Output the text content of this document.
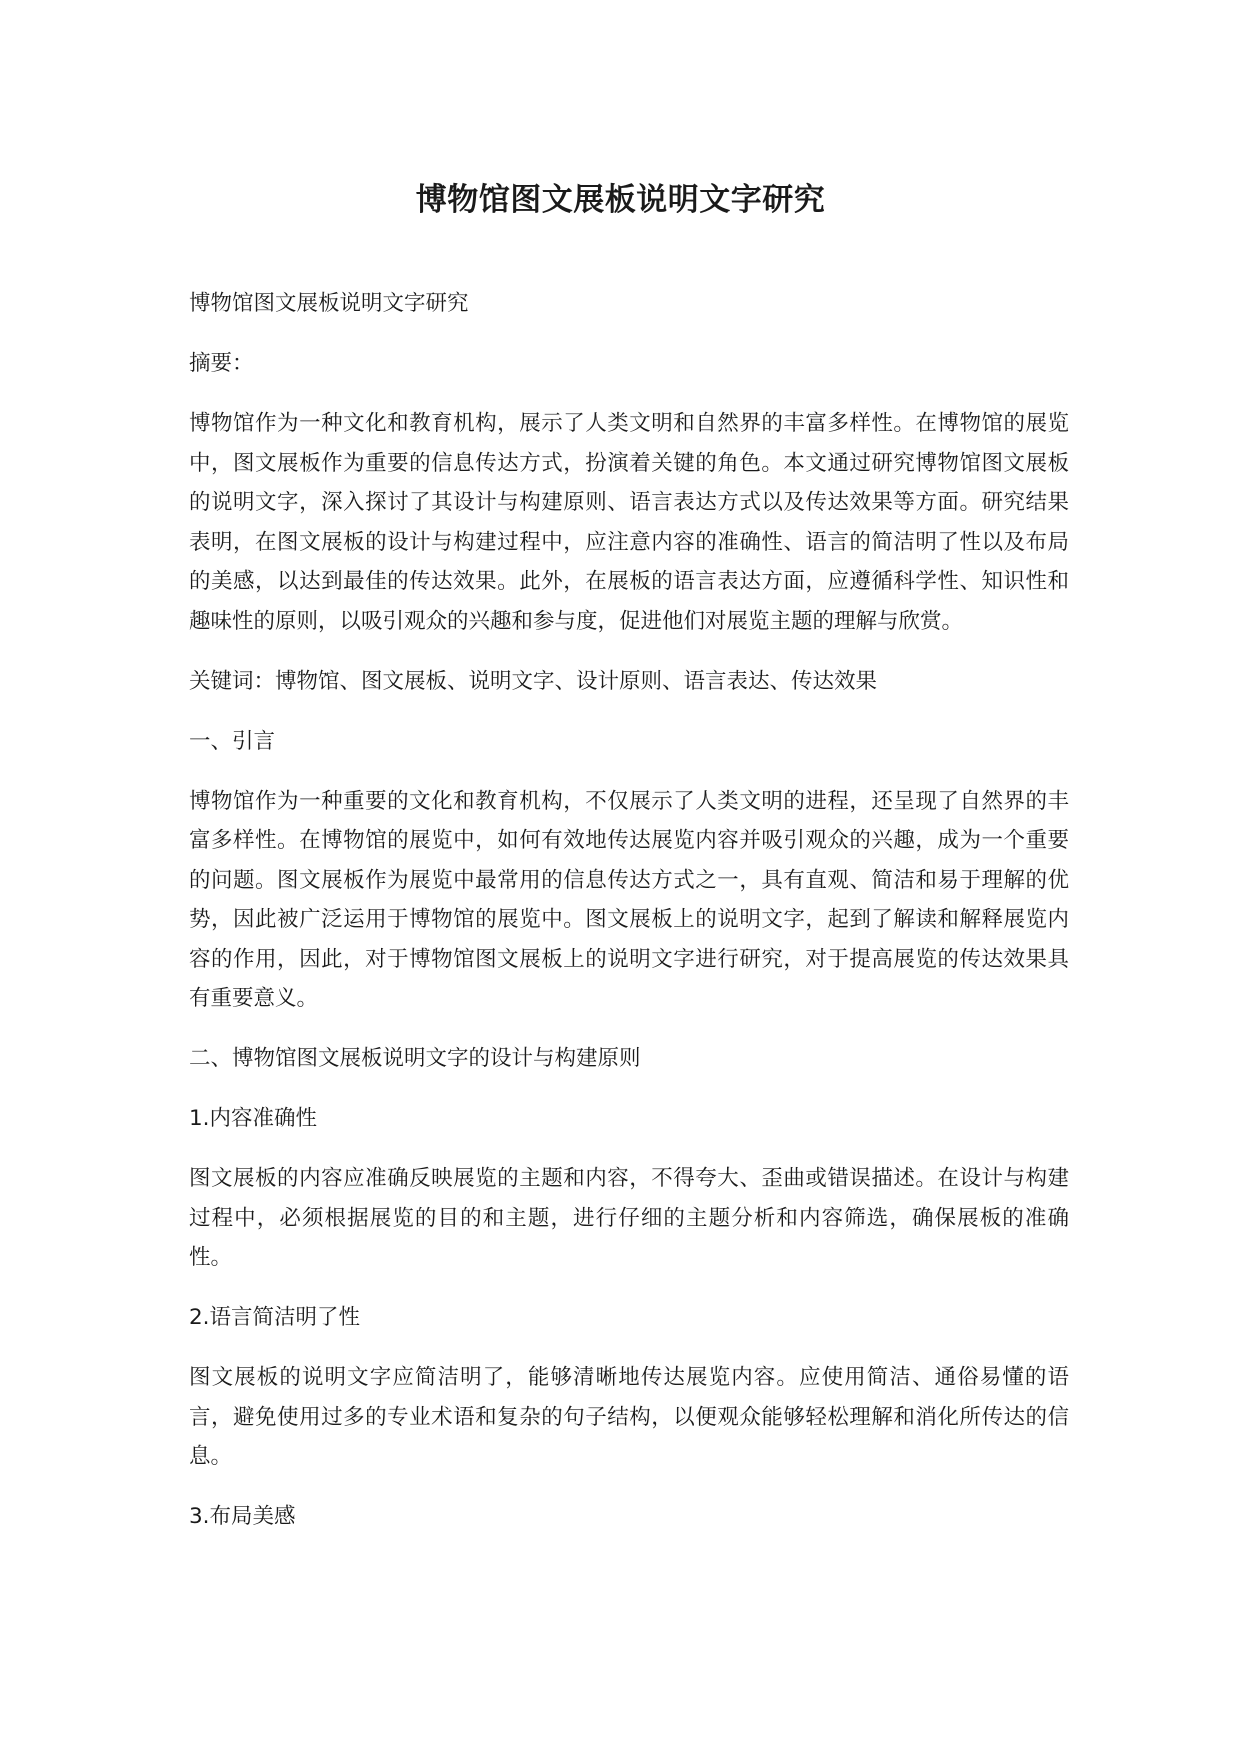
博物馆图文展板说明文字研究

博物馆图文展板说明文字研究

摘要：

博物馆作为一种文化和教育机构，展示了人类文明和自然界的丰富多样性。在博物馆的展览中，图文展板作为重要的信息传达方式，扮演着关键的角色。本文通过研究博物馆图文展板的说明文字，深入探讨了其设计与构建原则、语言表达方式以及传达效果等方面。研究结果表明，在图文展板的设计与构建过程中，应注意内容的准确性、语言的简洁明了性以及布局的美感，以达到最佳的传达效果。此外，在展板的语言表达方面，应遵循科学性、知识性和趣味性的原则，以吸引观众的兴趣和参与度，促进他们对展览主题的理解与欣赏。

关键词：博物馆、图文展板、说明文字、设计原则、语言表达、传达效果

一、引言

博物馆作为一种重要的文化和教育机构，不仅展示了人类文明的进程，还呈现了自然界的丰富多样性。在博物馆的展览中，如何有效地传达展览内容并吸引观众的兴趣，成为一个重要的问题。图文展板作为展览中最常用的信息传达方式之一，具有直观、简洁和易于理解的优势，因此被广泛运用于博物馆的展览中。图文展板上的说明文字，起到了解读和解释展览内容的作用，因此，对于博物馆图文展板上的说明文字进行研究，对于提高展览的传达效果具有重要意义。

二、博物馆图文展板说明文字的设计与构建原则

1.内容准确性

图文展板的内容应准确反映展览的主题和内容，不得夸大、歪曲或错误描述。在设计与构建过程中，必须根据展览的目的和主题，进行仔细的主题分析和内容筛选，确保展板的准确性。

2.语言简洁明了性

图文展板的说明文字应简洁明了，能够清晰地传达展览内容。应使用简洁、通俗易懂的语言，避免使用过多的专业术语和复杂的句子结构，以便观众能够轻松理解和消化所传达的信息。

3.布局美感
